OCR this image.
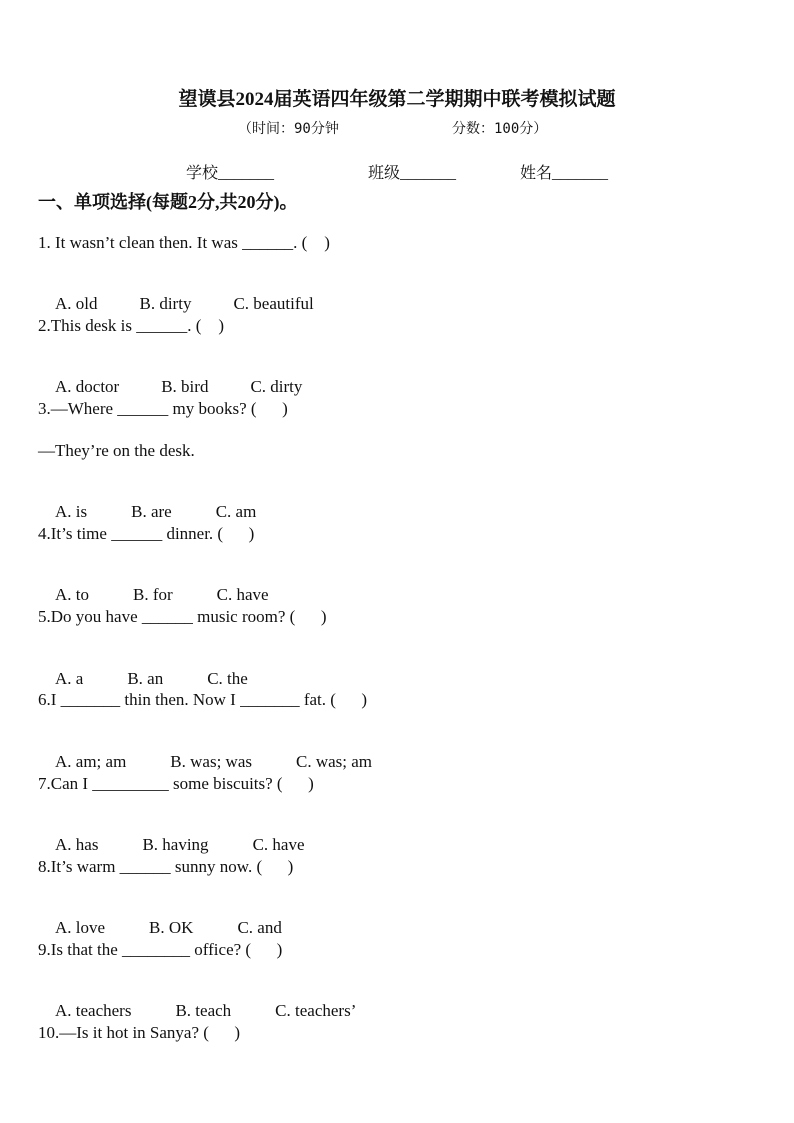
望谟县2024届英语四年级第二学期期中联考模拟试题
（时间：90分钟	分数：100分）
学校_______	班级_______	姓名_______
一、单项选择(每题2分,共20分)。
1. It wasn’t clean then. It was ______. (    )

A. old B. dirty C. beautiful

2.This desk is ______. (    )

A. doctor B. bird C. dirty

3.—Where ______ my books? (      )
—They’re on the desk.

A. is	B. are	C. am

4.It’s time ______ dinner. (      )

A. to	B. for	C. have

5.Do you have ______ music room? (      )

A. a	B. an	C. the

6.I _______ thin then. Now I _______ fat. (      )

A. am; am	B. was; was	C. was; am

7.Can I _________ some biscuits? (      )

A. has	B. having	C. have

8.It’s warm ______ sunny now. (      )

A. love	B. OK	C. and

9.Is that the ________ office? (      )

A. teachers	B. teach	C. teachers’

10.—Is it hot in Sanya? (      )
